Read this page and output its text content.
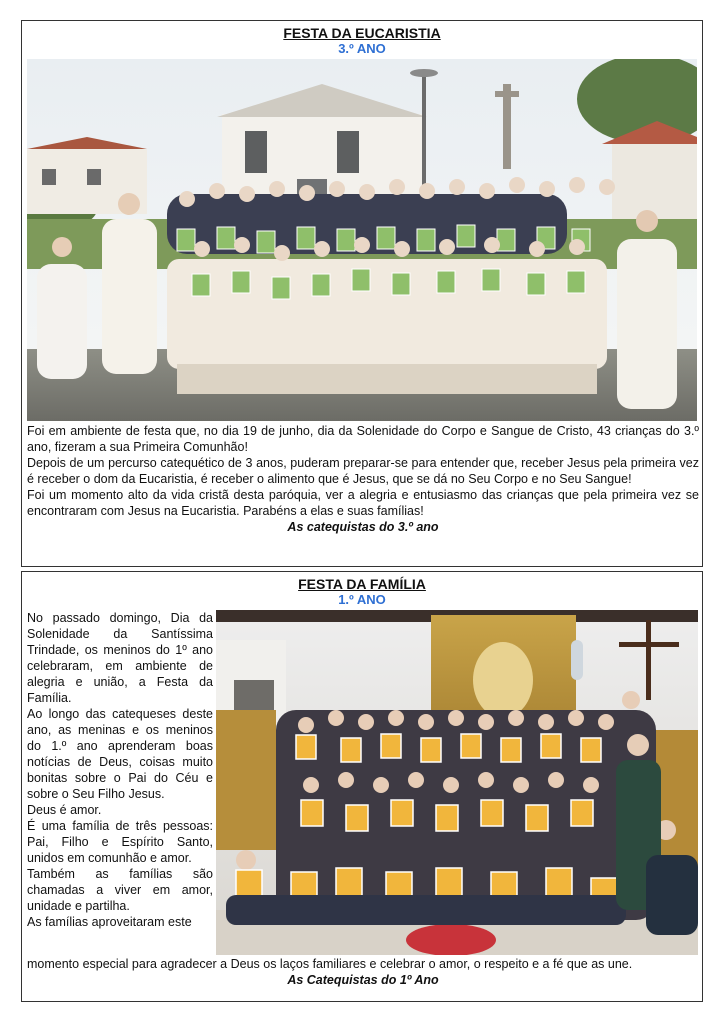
FESTA DA EUCARISTIA
3.º ANO

Foi em ambiente de festa que, no dia 19 de junho, dia da Solenidade do Corpo e Sangue de Cristo, 43 crianças do 3.º ano, fizeram a sua Primeira Comunhão!

Depois de um percurso catequético de 3 anos, puderam preparar-se para entender que, receber Jesus pela primeira vez é receber o dom da Eucaristia, é receber o alimento que é Jesus, que se dá no Seu Corpo e no Seu Sangue!

Foi um momento alto da vida cristã desta paróquia, ver a alegria e entusiasmo das crianças que pela primeira vez se encontraram com Jesus na Eucaristia. Parabéns a elas e suas famílias!

As catequistas do 3.º ano

FESTA DA FAMÍLIA
1.º ANO

No passado domingo, Dia da Solenidade da Santíssima Trindade, os meninos do 1º ano celebraram, em ambiente de alegria e união, a Festa da Família.

Ao longo das catequeses deste ano, as meninas e os meninos do 1.º ano aprenderam boas notícias de Deus, coisas muito bonitas sobre o Pai do Céu e sobre o Seu Filho Jesus.

Deus é amor.

É uma família de três pessoas: Pai, Filho e Espírito Santo, unidos em comunhão e amor.

Também as famílias são chamadas a viver em amor, unidade e partilha.

As famílias aproveitaram este

momento especial para agradecer a Deus os laços familiares e celebrar o amor, o respeito e a fé que as une.

As Catequistas do 1º Ano
